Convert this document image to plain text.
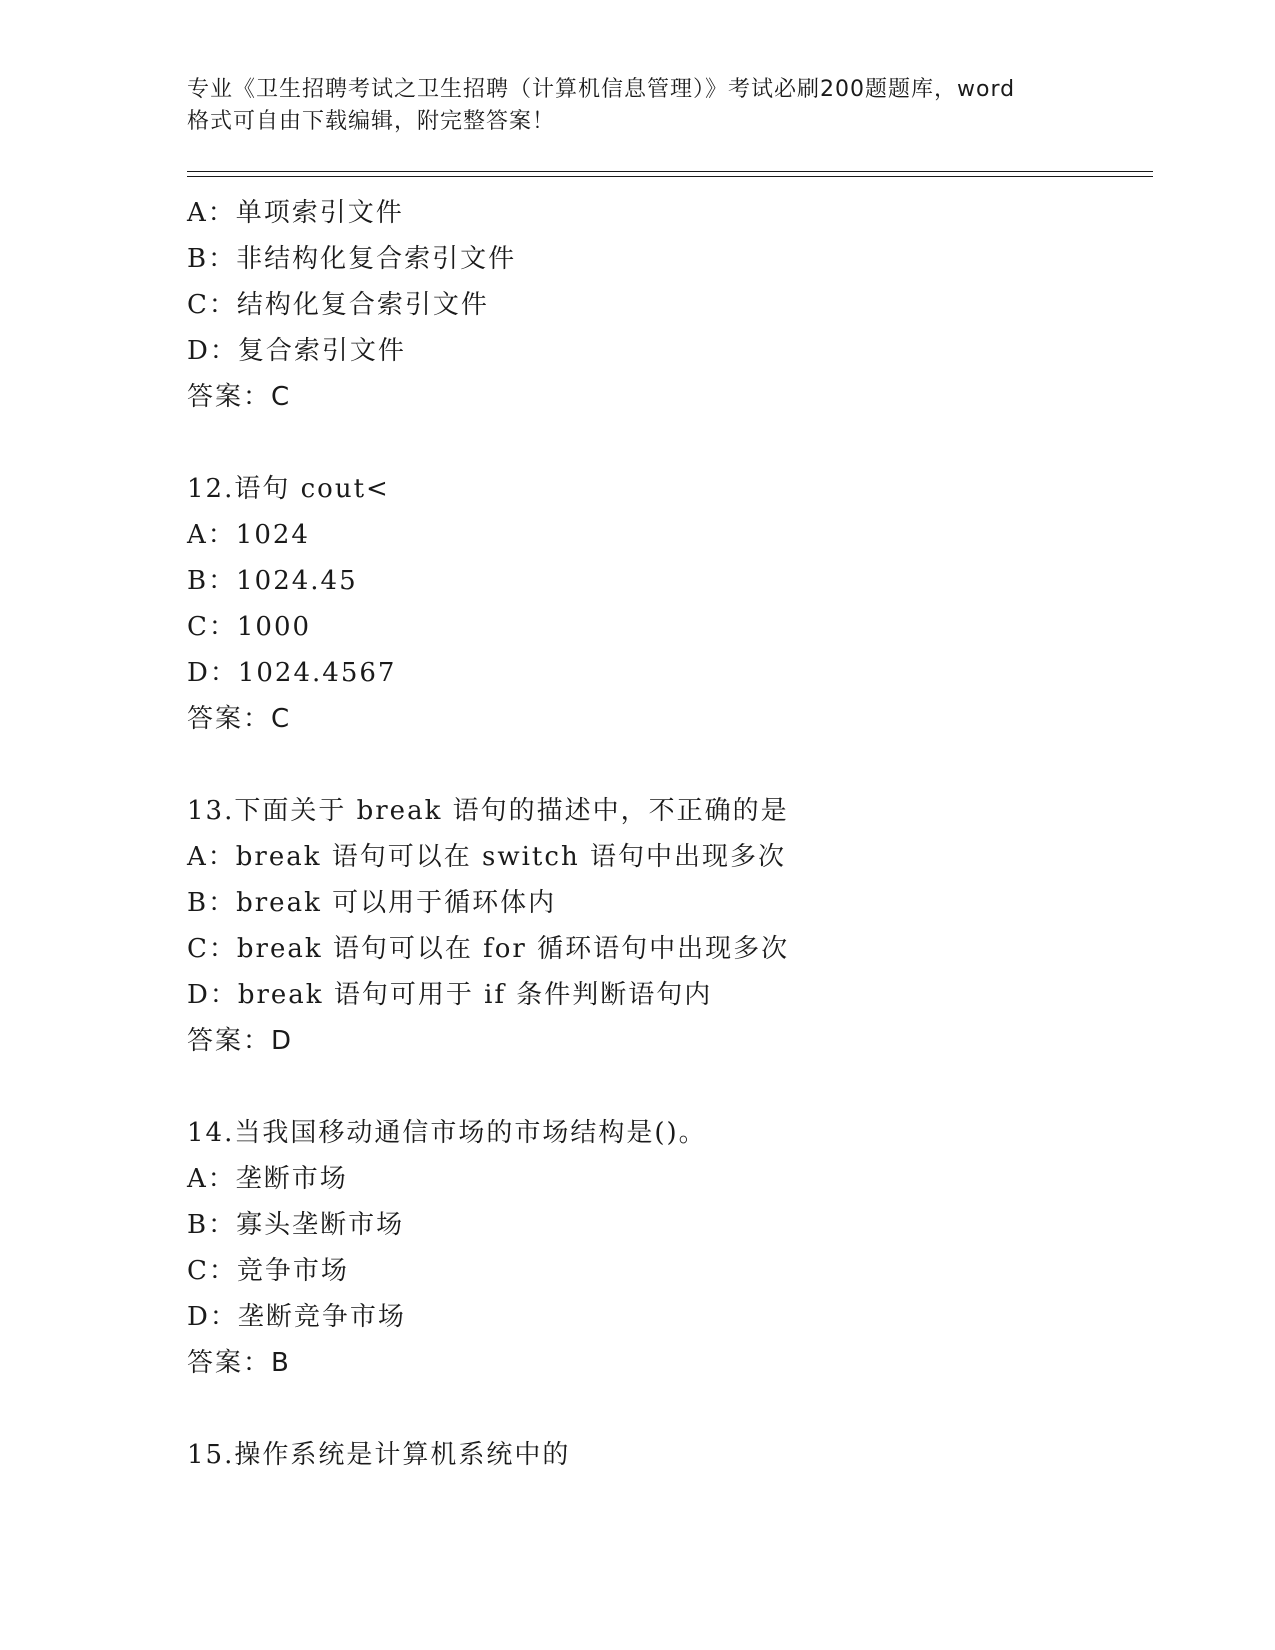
专业《卫生招聘考试之卫生招聘（计算机信息管理）》考试必刷200题题库，word
格式可自由下载编辑，附完整答案！
A：单项索引文件
B：非结构化复合索引文件
C：结构化复合索引文件
D：复合索引文件
答案：C
12.语句 cout<
A：1024
B：1024.45
C：1000
D：1024.4567
答案：C
13.下面关于 break 语句的描述中，不正确的是
A：break 语句可以在 switch 语句中出现多次
B：break 可以用于循环体内
C：break 语句可以在 for 循环语句中出现多次
D：break 语句可用于 if 条件判断语句内
答案：D
14.当我国移动通信市场的市场结构是()。
A：垄断市场
B：寡头垄断市场
C：竞争市场
D：垄断竞争市场
答案：B
15.操作系统是计算机系统中的
